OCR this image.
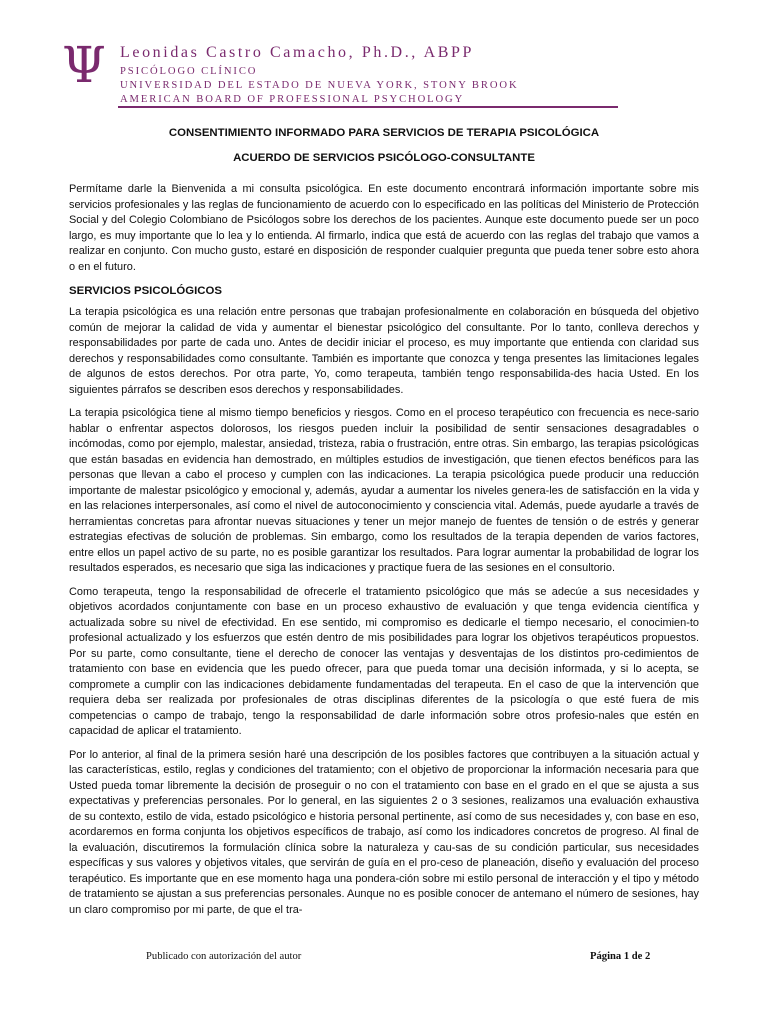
Ψ Leonidas Castro Camacho, Ph.D., ABPP
PSICÓLOGO CLÍNICO
UNIVERSIDAD DEL ESTADO DE NUEVA YORK, STONY BROOK
AMERICAN BOARD OF PROFESSIONAL PSYCHOLOGY
CONSENTIMIENTO INFORMADO PARA SERVICIOS DE TERAPIA PSICOLÓGICA
ACUERDO DE SERVICIOS PSICÓLOGO-CONSULTANTE

Permítame darle la Bienvenida a mi consulta psicológica. En este documento encontrará información importante sobre mis servicios profesionales y las reglas de funcionamiento de acuerdo con lo especificado en las políticas del Ministerio de Protección Social y del Colegio Colombiano de Psicólogos sobre los derechos de los pacientes. Aunque este documento puede ser un poco largo, es muy importante que lo lea y lo entienda. Al firmarlo, indica que está de acuerdo con las reglas del trabajo que vamos a realizar en conjunto. Con mucho gusto, estaré en disposición de responder cualquier pregunta que pueda tener sobre esto ahora o en el futuro.

SERVICIOS PSICOLÓGICOS

La terapia psicológica es una relación entre personas que trabajan profesionalmente en colaboración en búsqueda del objetivo común de mejorar la calidad de vida y aumentar el bienestar psicológico del consultante. Por lo tanto, conlleva derechos y responsabilidades por parte de cada uno. Antes de decidir iniciar el proceso, es muy importante que entienda con claridad sus derechos y responsabilidades como consultante. También es importante que conozca y tenga presentes las limitaciones legales de algunos de estos derechos. Por otra parte, Yo, como terapeuta, también tengo responsabilida-des hacia Usted. En los siguientes párrafos se describen esos derechos y responsabilidades.

La terapia psicológica tiene al mismo tiempo beneficios y riesgos. Como en el proceso terapéutico con frecuencia es nece-sario hablar o enfrentar aspectos dolorosos, los riesgos pueden incluir la posibilidad de sentir sensaciones desagradables o incómodas, como por ejemplo, malestar, ansiedad, tristeza, rabia o frustración, entre otras. Sin embargo, las terapias psicológicas que están basadas en evidencia han demostrado, en múltiples estudios de investigación, que tienen efectos benéficos para las personas que llevan a cabo el proceso y cumplen con las indicaciones. La terapia psicológica puede producir una reducción importante de malestar psicológico y emocional y, además, ayudar a aumentar los niveles genera-les de satisfacción en la vida y en las relaciones interpersonales, así como el nivel de autoconocimiento y consciencia vital. Además, puede ayudarle a través de herramientas concretas para afrontar nuevas situaciones y tener un mejor manejo de fuentes de tensión o de estrés y generar estrategias efectivas de solución de problemas. Sin embargo, como los resultados de la terapia dependen de varios factores, entre ellos un papel activo de su parte, no es posible garantizar los resultados. Para lograr aumentar la probabilidad de lograr los resultados esperados, es necesario que siga las indicaciones y practique fuera de las sesiones en el consultorio.

Como terapeuta, tengo la responsabilidad de ofrecerle el tratamiento psicológico que más se adecúe a sus necesidades y objetivos acordados conjuntamente con base en un proceso exhaustivo de evaluación y que tenga evidencia científica y actualizada sobre su nivel de efectividad. En ese sentido, mi compromiso es dedicarle el tiempo necesario, el conocimien-to profesional actualizado y los esfuerzos que estén dentro de mis posibilidades para lograr los objetivos terapéuticos propuestos. Por su parte, como consultante, tiene el derecho de conocer las ventajas y desventajas de los distintos pro-cedimientos de tratamiento con base en evidencia que les puedo ofrecer, para que pueda tomar una decisión informada, y si lo acepta, se compromete a cumplir con las indicaciones debidamente fundamentadas del terapeuta. En el caso de que la intervención que requiera deba ser realizada por profesionales de otras disciplinas diferentes de la psicología o que esté fuera de mis competencias o campo de trabajo, tengo la responsabilidad de darle información sobre otros profesio-nales que estén en capacidad de aplicar el tratamiento.

Por lo anterior, al final de la primera sesión haré una descripción de los posibles factores que contribuyen a la situación actual y las características, estilo, reglas y condiciones del tratamiento; con el objetivo de proporcionar la información necesaria para que Usted pueda tomar libremente la decisión de proseguir o no con el tratamiento con base en el grado en el que se ajusta a sus expectativas y preferencias personales. Por lo general, en las siguientes 2 o 3 sesiones, realizamos una evaluación exhaustiva de su contexto, estilo de vida, estado psicológico e historia personal pertinente, así como de sus necesidades y, con base en eso, acordaremos en forma conjunta los objetivos específicos de trabajo, así como los indicadores concretos de progreso. Al final de la evaluación, discutiremos la formulación clínica sobre la naturaleza y cau-sas de su condición particular, sus necesidades específicas y sus valores y objetivos vitales, que servirán de guía en el pro-ceso de planeación, diseño y evaluación del proceso terapéutico. Es importante que en ese momento haga una pondera-ción sobre mi estilo personal de interacción y el tipo y método de tratamiento se ajustan a sus preferencias personales. Aunque no es posible conocer de antemano el número de sesiones, hay un claro compromiso por mi parte, de que el tra-

Publicado con autorización del autor	Página 1 de 2
